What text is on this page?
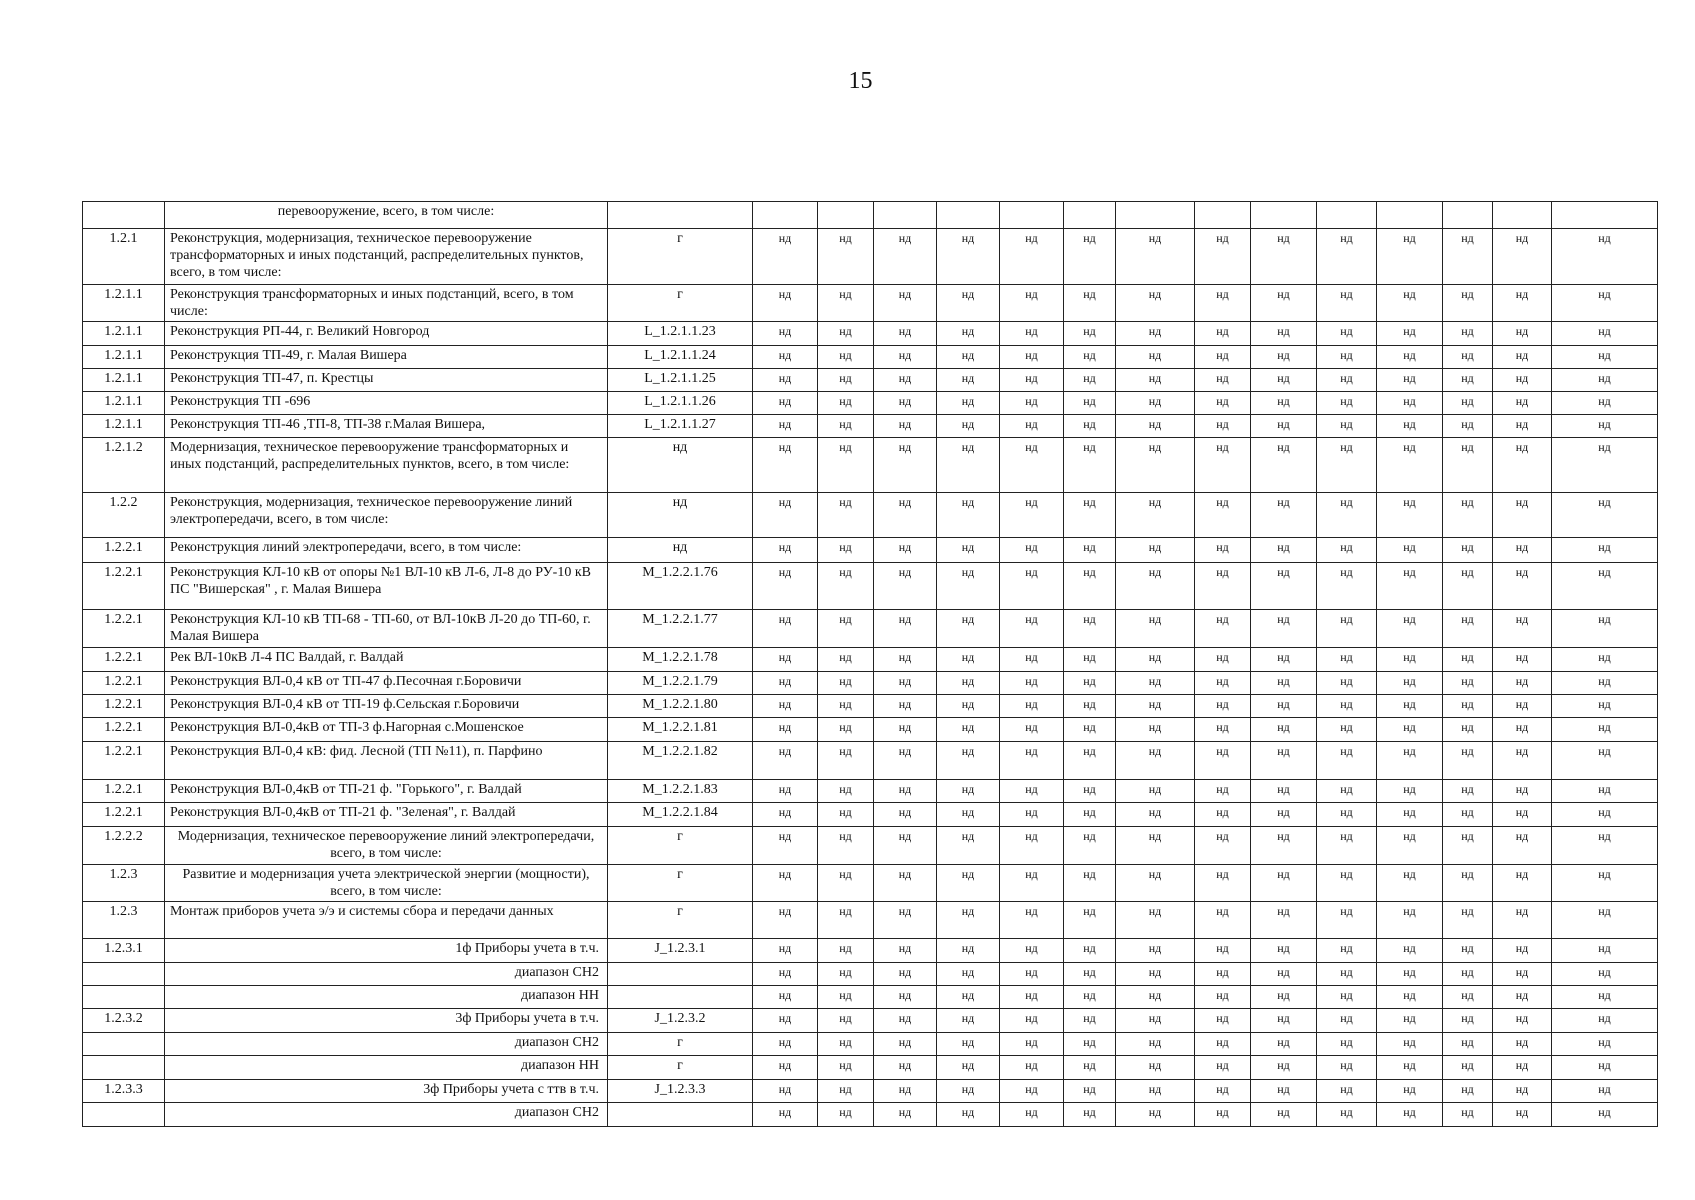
15
	перевооружение, всего, в том числе:															
1.2.1	Реконструкция, модернизация, техническое перевооружение трансформаторных и иных подстанций, распределительных пунктов, всего, в том числе:	г	нд	нд	нд	нд	нд	нд	нд	нд	нд	нд	нд	нд	нд	нд
1.2.1.1	Реконструкция трансформаторных и иных подстанций, всего, в том числе:	г	нд	нд	нд	нд	нд	нд	нд	нд	нд	нд	нд	нд	нд	нд
1.2.1.1	Реконструкция РП-44, г. Великий Новгород	L_1.2.1.1.23	нд	нд	нд	нд	нд	нд	нд	нд	нд	нд	нд	нд	нд	нд
1.2.1.1	Реконструкция ТП-49, г. Малая Вишера	L_1.2.1.1.24	нд	нд	нд	нд	нд	нд	нд	нд	нд	нд	нд	нд	нд	нд
1.2.1.1	Реконструкция ТП-47, п. Крестцы	L_1.2.1.1.25	нд	нд	нд	нд	нд	нд	нд	нд	нд	нд	нд	нд	нд	нд
1.2.1.1	Реконструкция ТП -696	L_1.2.1.1.26	нд	нд	нд	нд	нд	нд	нд	нд	нд	нд	нд	нд	нд	нд
1.2.1.1	Реконструкция ТП-46 ,ТП-8, ТП-38 г.Малая Вишера,	L_1.2.1.1.27	нд	нд	нд	нд	нд	нд	нд	нд	нд	нд	нд	нд	нд	нд
1.2.1.2	Модернизация, техническое перевооружение трансформаторных и иных подстанций, распределительных пунктов, всего, в том числе:	нд	нд	нд	нд	нд	нд	нд	нд	нд	нд	нд	нд	нд	нд	нд
1.2.2	Реконструкция, модернизация, техническое перевооружение линий электропередачи, всего, в том числе:	нд	нд	нд	нд	нд	нд	нд	нд	нд	нд	нд	нд	нд	нд	нд
1.2.2.1	Реконструкция линий электропередачи, всего, в том числе:	нд	нд	нд	нд	нд	нд	нд	нд	нд	нд	нд	нд	нд	нд	нд
1.2.2.1	Реконструкция КЛ-10 кВ от опоры №1 ВЛ-10 кВ Л-6, Л-8 до РУ-10 кВ ПС "Вишерская" , г. Малая Вишера	M_1.2.2.1.76	нд	нд	нд	нд	нд	нд	нд	нд	нд	нд	нд	нд	нд	нд
1.2.2.1	Реконструкция КЛ-10 кВ ТП-68 - ТП-60, от ВЛ-10кВ Л-20 до ТП-60, г. Малая Вишера	M_1.2.2.1.77	нд	нд	нд	нд	нд	нд	нд	нд	нд	нд	нд	нд	нд	нд
1.2.2.1	Рек ВЛ-10кВ Л-4 ПС Валдай, г. Валдай	M_1.2.2.1.78	нд	нд	нд	нд	нд	нд	нд	нд	нд	нд	нд	нд	нд	нд
1.2.2.1	Реконструкция ВЛ-0,4 кВ от ТП-47 ф.Песочная г.Боровичи	M_1.2.2.1.79	нд	нд	нд	нд	нд	нд	нд	нд	нд	нд	нд	нд	нд	нд
1.2.2.1	Реконструкция ВЛ-0,4 кВ от ТП-19 ф.Сельская г.Боровичи	M_1.2.2.1.80	нд	нд	нд	нд	нд	нд	нд	нд	нд	нд	нд	нд	нд	нд
1.2.2.1	Реконструкция ВЛ-0,4кВ от ТП-3 ф.Нагорная с.Мошенское	M_1.2.2.1.81	нд	нд	нд	нд	нд	нд	нд	нд	нд	нд	нд	нд	нд	нд
1.2.2.1	Реконструкция ВЛ-0,4 кВ: фид. Лесной (ТП №11), п. Парфино	M_1.2.2.1.82	нд	нд	нд	нд	нд	нд	нд	нд	нд	нд	нд	нд	нд	нд
1.2.2.1	Реконструкция ВЛ-0,4кВ от ТП-21 ф. "Горького", г. Валдай	M_1.2.2.1.83	нд	нд	нд	нд	нд	нд	нд	нд	нд	нд	нд	нд	нд	нд
1.2.2.1	Реконструкция ВЛ-0,4кВ от ТП-21 ф. "Зеленая", г. Валдай	M_1.2.2.1.84	нд	нд	нд	нд	нд	нд	нд	нд	нд	нд	нд	нд	нд	нд
1.2.2.2	Модернизация, техническое перевооружение линий электропередачи, всего, в том числе:	г	нд	нд	нд	нд	нд	нд	нд	нд	нд	нд	нд	нд	нд	нд
1.2.3	Развитие и модернизация учета электрической энергии (мощности), всего, в том числе:	г	нд	нд	нд	нд	нд	нд	нд	нд	нд	нд	нд	нд	нд	нд
1.2.3	Монтаж приборов учета э/э и системы сбора и передачи данных	г	нд	нд	нд	нд	нд	нд	нд	нд	нд	нд	нд	нд	нд	нд
1.2.3.1	1ф Приборы учета в т.ч.	J_1.2.3.1	нд	нд	нд	нд	нд	нд	нд	нд	нд	нд	нд	нд	нд	нд
	диапазон СН2		нд	нд	нд	нд	нд	нд	нд	нд	нд	нд	нд	нд	нд	нд
	диапазон НН		нд	нд	нд	нд	нд	нд	нд	нд	нд	нд	нд	нд	нд	нд
1.2.3.2	3ф Приборы учета в т.ч.	J_1.2.3.2	нд	нд	нд	нд	нд	нд	нд	нд	нд	нд	нд	нд	нд	нд
	диапазон СН2	г	нд	нд	нд	нд	нд	нд	нд	нд	нд	нд	нд	нд	нд	нд
	диапазон НН	г	нд	нд	нд	нд	нд	нд	нд	нд	нд	нд	нд	нд	нд	нд
1.2.3.3	3ф Приборы учета с ттв в т.ч.	J_1.2.3.3	нд	нд	нд	нд	нд	нд	нд	нд	нд	нд	нд	нд	нд	нд
	диапазон СН2		нд	нд	нд	нд	нд	нд	нд	нд	нд	нд	нд	нд	нд	нд
